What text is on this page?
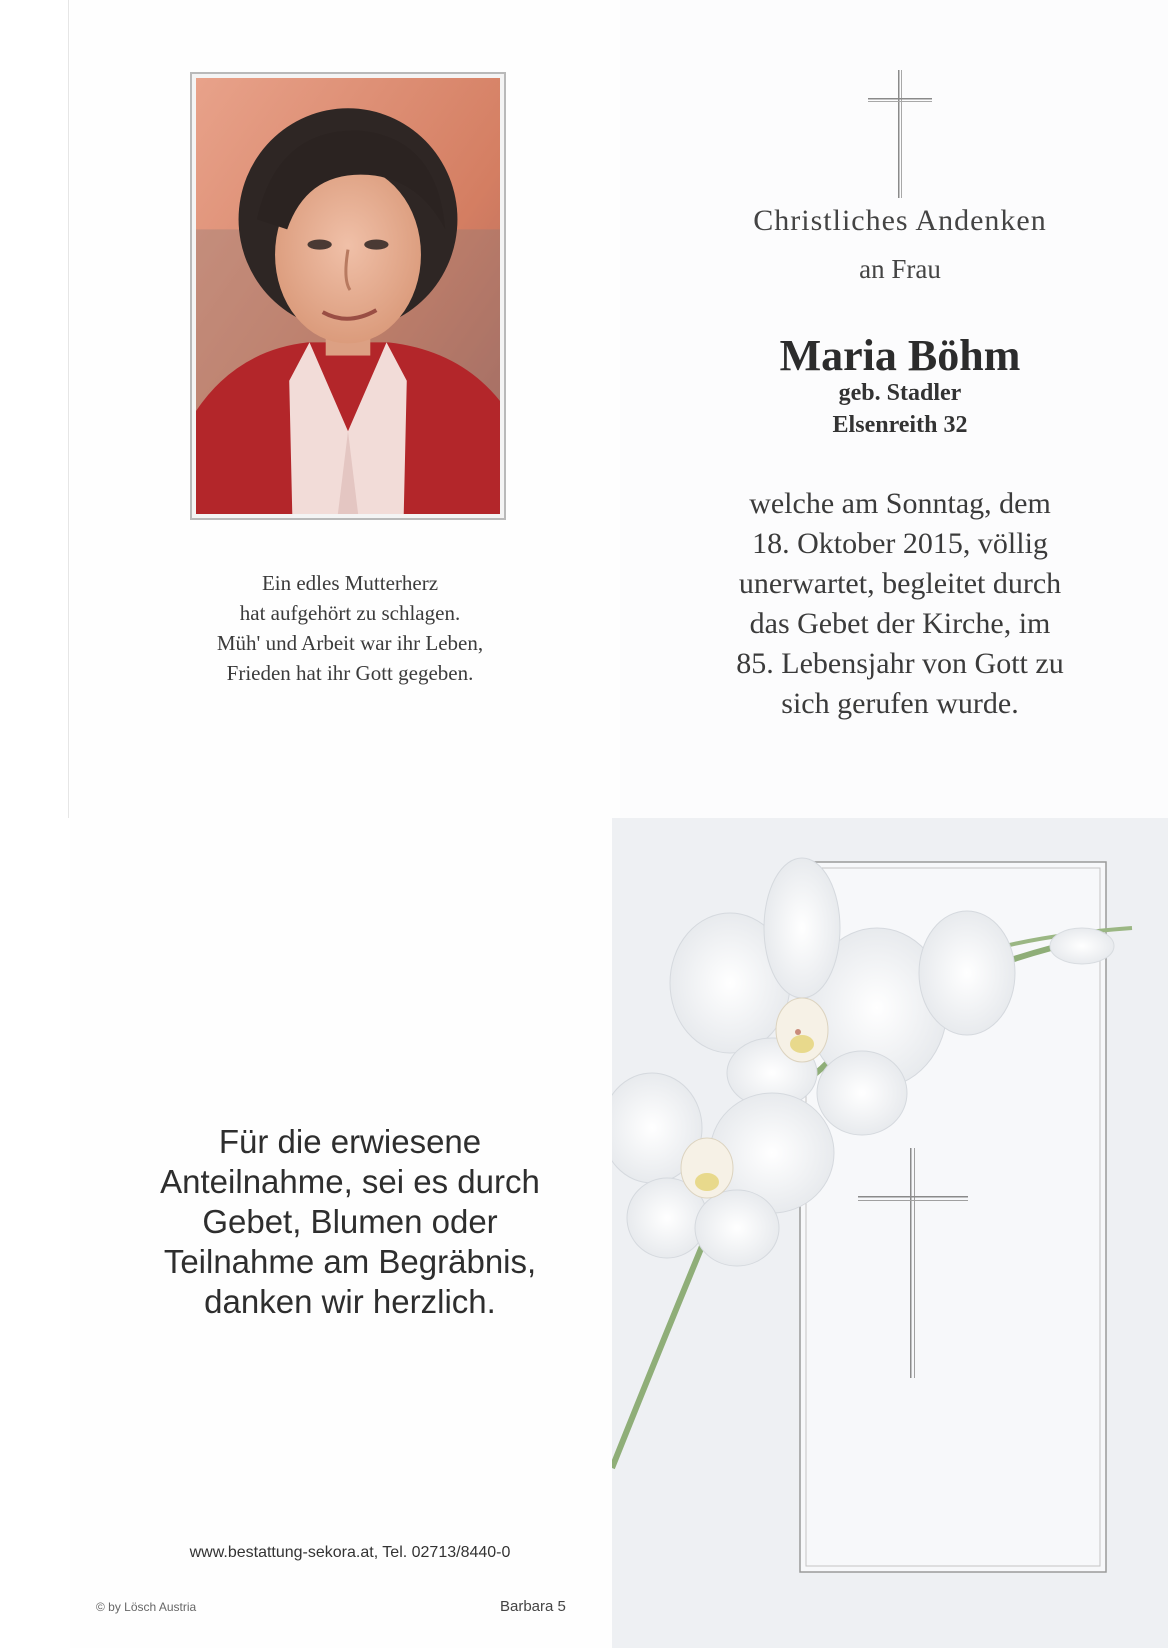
Ein edles Mutterherz
hat aufgehört zu schlagen.
Müh' und Arbeit war ihr Leben,
Frieden hat ihr Gott gegeben.
Christliches Andenken
an Frau
Maria Böhm
geb. Stadler
Elsenreith 32
welche am Sonntag, dem
18. Oktober 2015, völlig
unerwartet, begleitet durch
das Gebet der Kirche, im
85. Lebensjahr von Gott zu
sich gerufen wurde.
Für die erwiesene
Anteilnahme, sei es durch
Gebet, Blumen oder
Teilnahme am Begräbnis,
danken wir herzlich.
www.bestattung-sekora.at, Tel. 02713/8440-0
© by Lösch Austria	Barbara 5
